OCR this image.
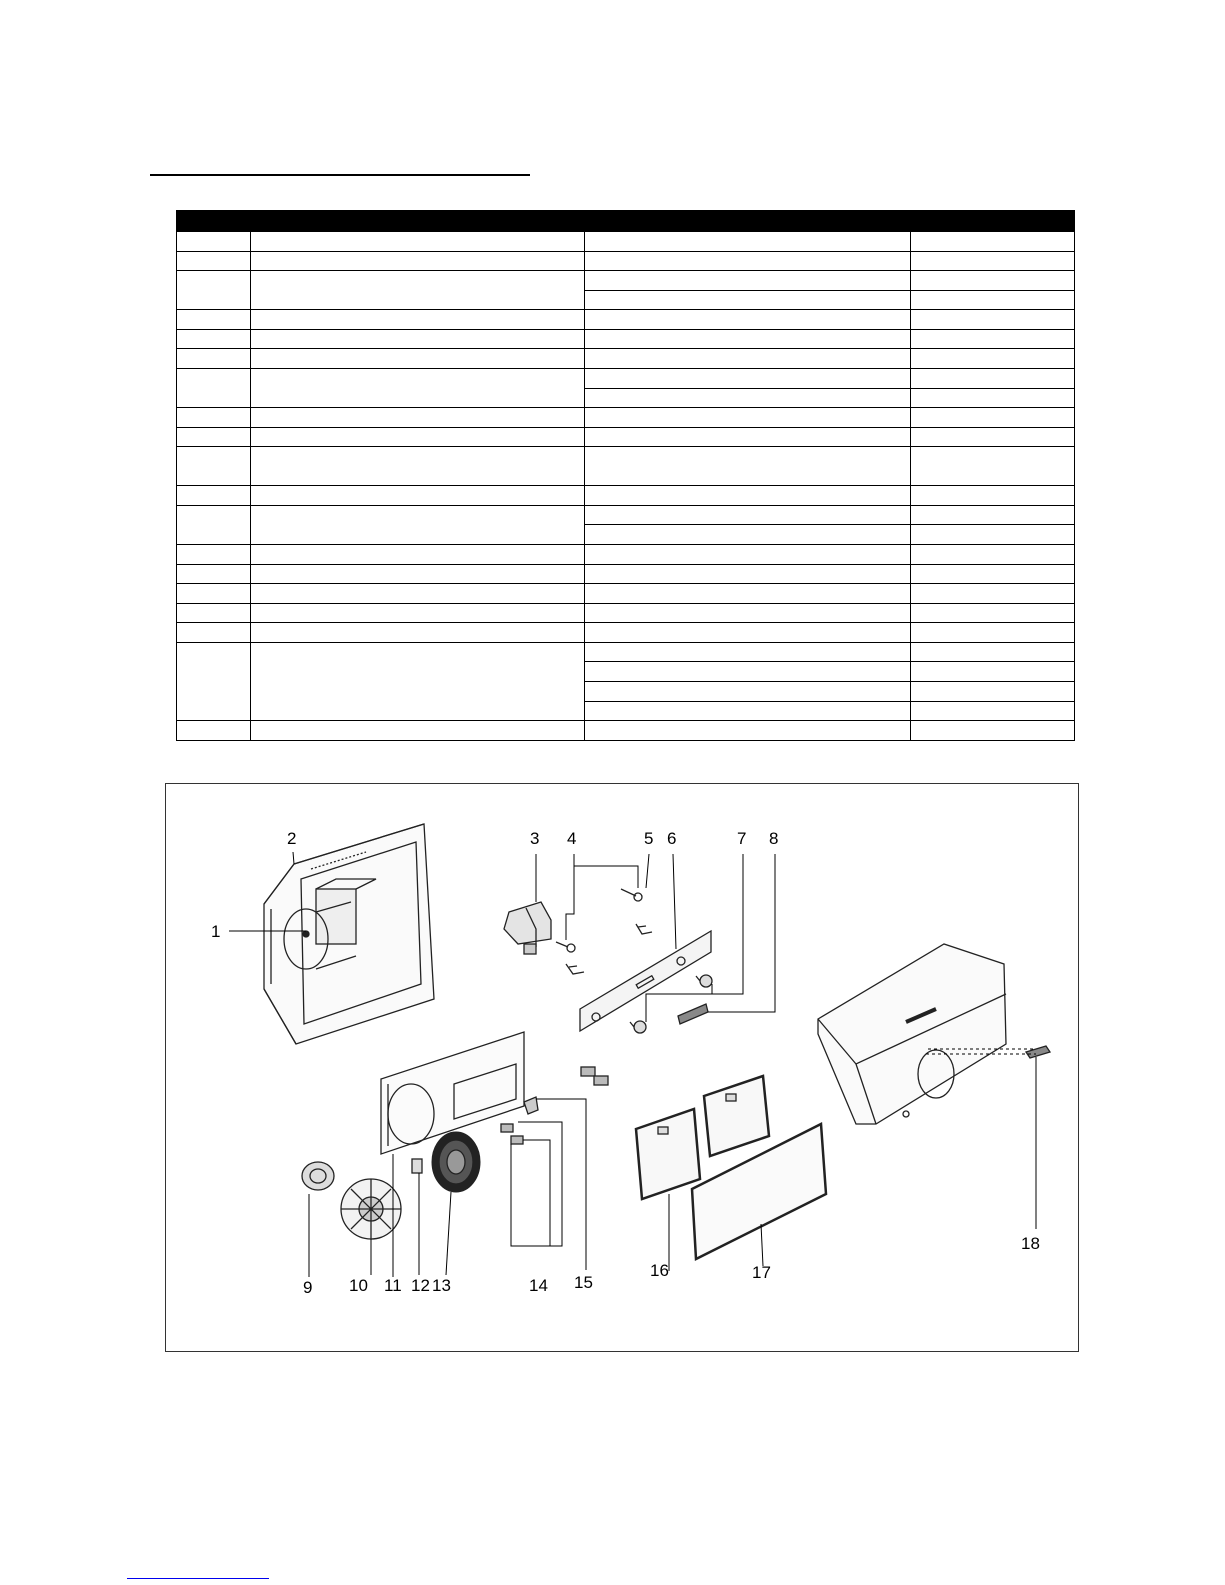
1
2	3 4	5 6	7 8
9 10 11 12 13	14 15
16	17
18
